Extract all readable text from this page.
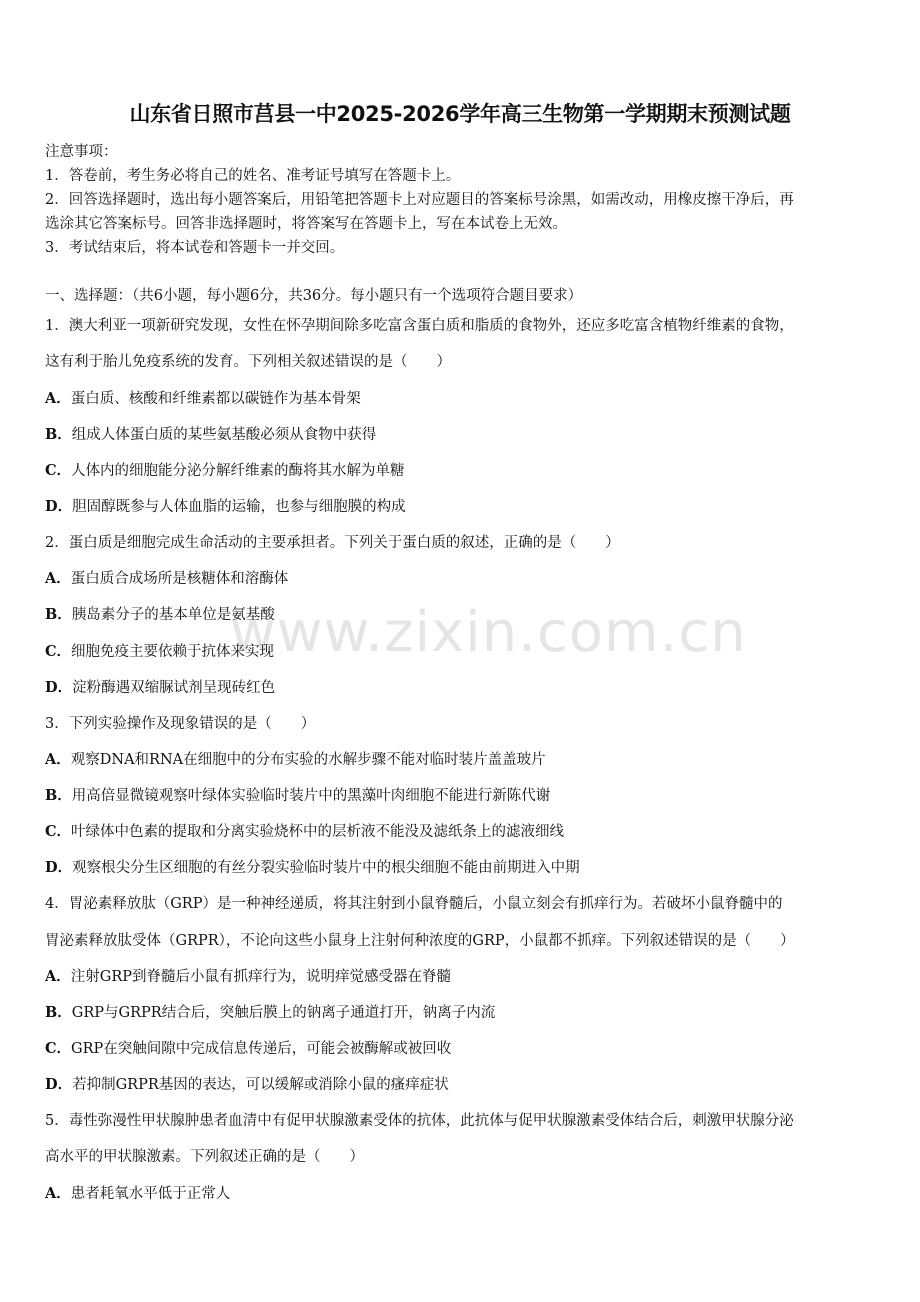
山东省日照市莒县一中2025-2026学年高三生物第一学期期末预测试题
注意事项：
1．答卷前，考生务必将自己的姓名、准考证号填写在答题卡上。
2．回答选择题时，选出每小题答案后，用铅笔把答题卡上对应题目的答案标号涂黑，如需改动，用橡皮擦干净后，再
选涂其它答案标号。回答非选择题时，将答案写在答题卡上，写在本试卷上无效。
3．考试结束后，将本试卷和答题卡一并交回。
一、选择题：（共6小题，每小题6分，共36分。每小题只有一个选项符合题目要求）
1．澳大利亚一项新研究发现，女性在怀孕期间除多吃富含蛋白质和脂质的食物外，还应多吃富含植物纤维素的食物，
这有利于胎儿免疫系统的发育。下列相关叙述错误的是（　　）
A．蛋白质、核酸和纤维素都以碳链作为基本骨架
B．组成人体蛋白质的某些氨基酸必须从食物中获得
C．人体内的细胞能分泌分解纤维素的酶将其水解为单糖
D．胆固醇既参与人体血脂的运输，也参与细胞膜的构成
2．蛋白质是细胞完成生命活动的主要承担者。下列关于蛋白质的叙述，正确的是（　　）
A．蛋白质合成场所是核糖体和溶酶体
B．胰岛素分子的基本单位是氨基酸
C．细胞免疫主要依赖于抗体来实现
D．淀粉酶遇双缩脲试剂呈现砖红色
3．下列实验操作及现象错误的是（　　）
A．观察DNA和RNA在细胞中的分布实验的水解步骤不能对临时装片盖盖玻片
B．用高倍显微镜观察叶绿体实验临时装片中的黑藻叶肉细胞不能进行新陈代谢
C．叶绿体中色素的提取和分离实验烧杯中的层析液不能没及滤纸条上的滤液细线
D．观察根尖分生区细胞的有丝分裂实验临时装片中的根尖细胞不能由前期进入中期
4．胃泌素释放肽（GRP）是一种神经递质，将其注射到小鼠脊髓后，小鼠立刻会有抓痒行为。若破坏小鼠脊髓中的
胃泌素释放肽受体（GRPR），不论向这些小鼠身上注射何种浓度的GRP，小鼠都不抓痒。下列叙述错误的是（　　）
A．注射GRP到脊髓后小鼠有抓痒行为，说明痒觉感受器在脊髓
B．GRP与GRPR结合后，突触后膜上的钠离子通道打开，钠离子内流
C．GRP在突触间隙中完成信息传递后，可能会被酶解或被回收
D．若抑制GRPR基因的表达，可以缓解或消除小鼠的瘙痒症状
5．毒性弥漫性甲状腺肿患者血清中有促甲状腺激素受体的抗体，此抗体与促甲状腺激素受体结合后，刺激甲状腺分泌
高水平的甲状腺激素。下列叙述正确的是（　　）
A．患者耗氧水平低于正常人
www.zixin.com.cn
